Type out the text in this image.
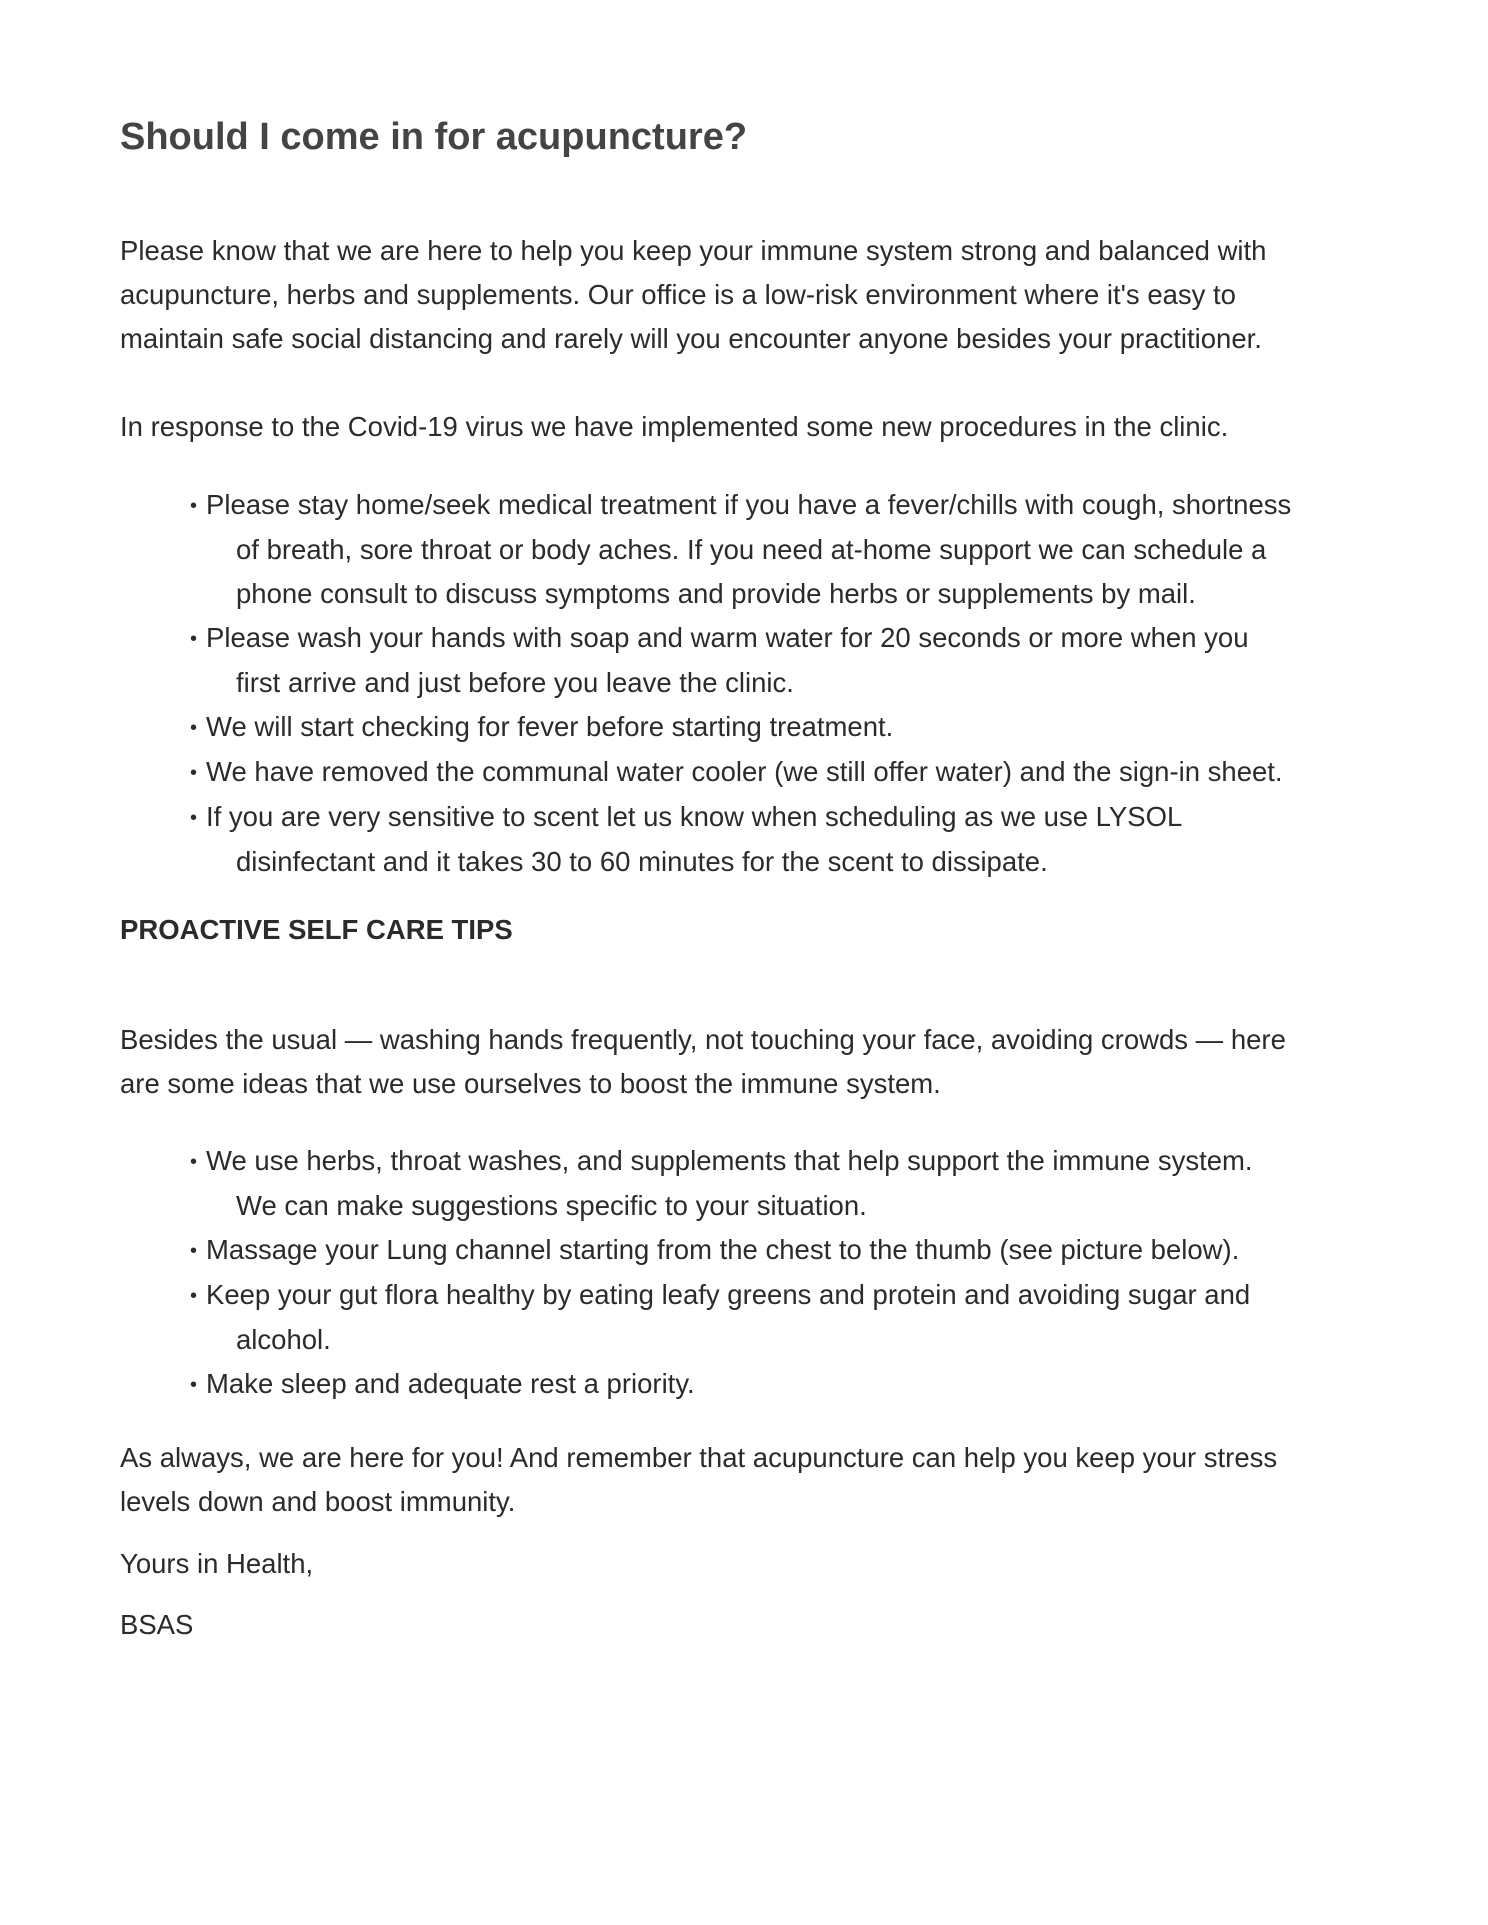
Should I come in for acupuncture?

Please know that we are here to help you keep your immune system strong and balanced with
acupuncture, herbs and supplements. Our office is a low-risk environment where it's easy to
maintain safe social distancing and rarely will you encounter anyone besides your practitioner.

In response to the Covid-19 virus we have implemented some new procedures in the clinic.

• Please stay home/seek medical treatment if you have a fever/chills with cough, shortness
of breath, sore throat or body aches. If you need at-home support we can schedule a
phone consult to discuss symptoms and provide herbs or supplements by mail.
• Please wash your hands with soap and warm water for 20 seconds or more when you
first arrive and just before you leave the clinic.
• We will start checking for fever before starting treatment.
• We have removed the communal water cooler (we still offer water) and the sign-in sheet.
• If you are very sensitive to scent let us know when scheduling as we use LYSOL
disinfectant and it takes 30 to 60 minutes for the scent to dissipate.
PROACTIVE SELF CARE TIPS

Besides the usual — washing hands frequently, not touching your face, avoiding crowds — here
are some ideas that we use ourselves to boost the immune system.

• We use herbs, throat washes, and supplements that help support the immune system.
We can make suggestions specific to your situation.
• Massage your Lung channel starting from the chest to the thumb (see picture below).
• Keep your gut flora healthy by eating leafy greens and protein and avoiding sugar and
alcohol.
• Make sleep and adequate rest a priority.

As always, we are here for you! And remember that acupuncture can help you keep your stress
levels down and boost immunity.

Yours in Health,

BSAS
